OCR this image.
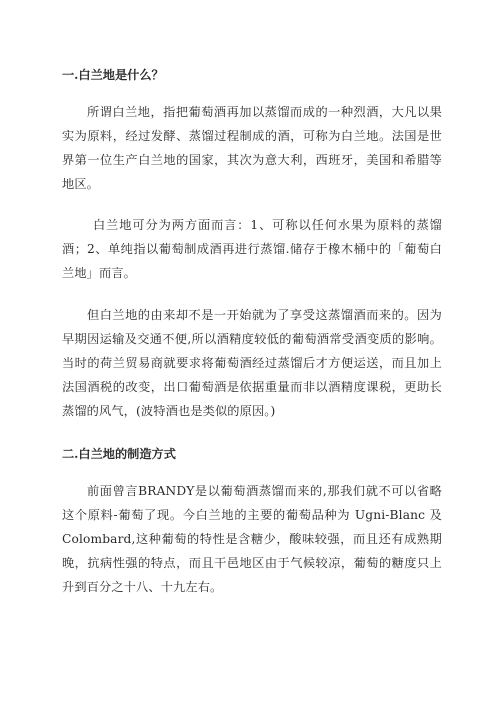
一.白兰地是什么？

所谓白兰地，指把葡萄酒再加以蒸馏而成的一种烈酒，大凡以果实为原料，经过发酵、蒸馏过程制成的酒，可称为白兰地。法国是世界第一位生产白兰地的国家，其次为意大利，西班牙，美国和希腊等地区。

白兰地可分为两方面而言：1、可称以任何水果为原料的蒸馏酒；2、单纯指以葡萄制成酒再进行蒸馏.储存于橡木桶中的「葡萄白兰地」而言。

但白兰地的由来却不是一开始就为了享受这蒸馏酒而来的。因为早期因运输及交通不便,所以酒精度较低的葡萄酒常受酒变质的影响。当时的荷兰贸易商就要求将葡萄酒经过蒸馏后才方便运送，而且加上法国酒税的改变，出口葡萄酒是依据重量而非以酒精度课税，更助长蒸馏的风气，(波特酒也是类似的原因。)

二.白兰地的制造方式

前面曾言BRANDY是以葡萄酒蒸馏而来的,那我们就不可以省略这个原料-葡萄了现。今白兰地的主要的葡萄品种为 Ugni-Blanc 及 Colombard,这种葡萄的特性是含糖少，酸味较强，而且还有成熟期晚，抗病性强的特点，而且干邑地区由于气候较凉，葡萄的糖度只上升到百分之十八、十九左右。
